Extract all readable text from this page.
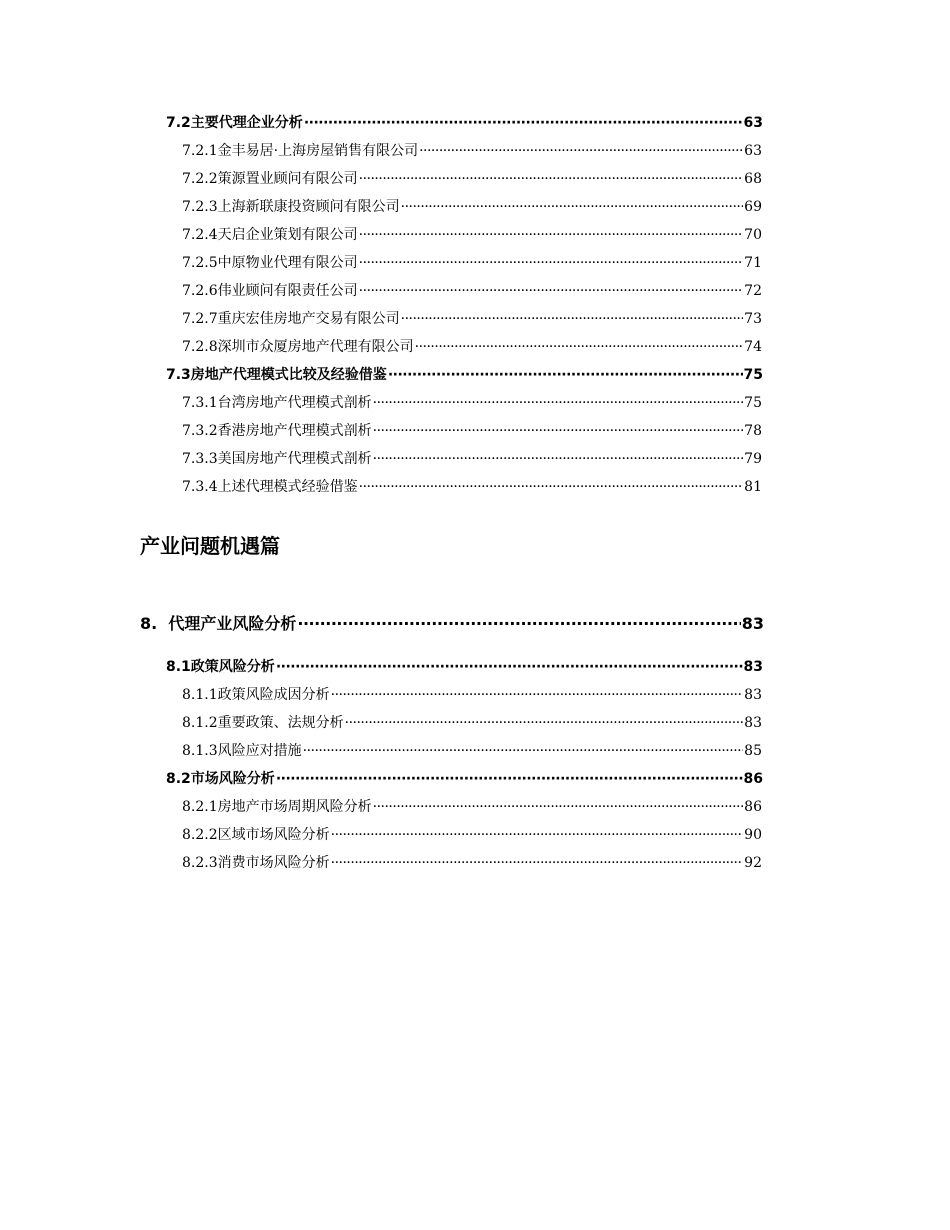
7.2主要代理企业分析 ·····	63
7.2.1金丰易居·上海房屋销售有限公司 ·····	63
7.2.2策源置业顾问有限公司 ·····	68
7.2.3上海新联康投资顾问有限公司 ·····	69
7.2.4天启企业策划有限公司 ·····	70
7.2.5中原物业代理有限公司 ·····	71
7.2.6伟业顾问有限责任公司 ·····	72
7.2.7重庆宏佳房地产交易有限公司 ·····	73
7.2.8深圳市众厦房地产代理有限公司 ·····	74
7.3房地产代理模式比较及经验借鉴 ·····	75
7.3.1台湾房地产代理模式剖析 ·····	75
7.3.2香港房地产代理模式剖析 ·····	78
7.3.3美国房地产代理模式剖析 ·····	79
7.3.4上述代理模式经验借鉴 ·····	81
产业问题机遇篇
8.  代理产业风险分析 ·····	83
8.1政策风险分析 ·····	83
8.1.1政策风险成因分析 ·····	83
8.1.2重要政策、法规分析 ·····	83
8.1.3风险应对措施 ·····	85
8.2市场风险分析 ·····	86
8.2.1房地产市场周期风险分析 ·····	86
8.2.2区域市场风险分析 ·····	90
8.2.3消费市场风险分析 ·····	92
